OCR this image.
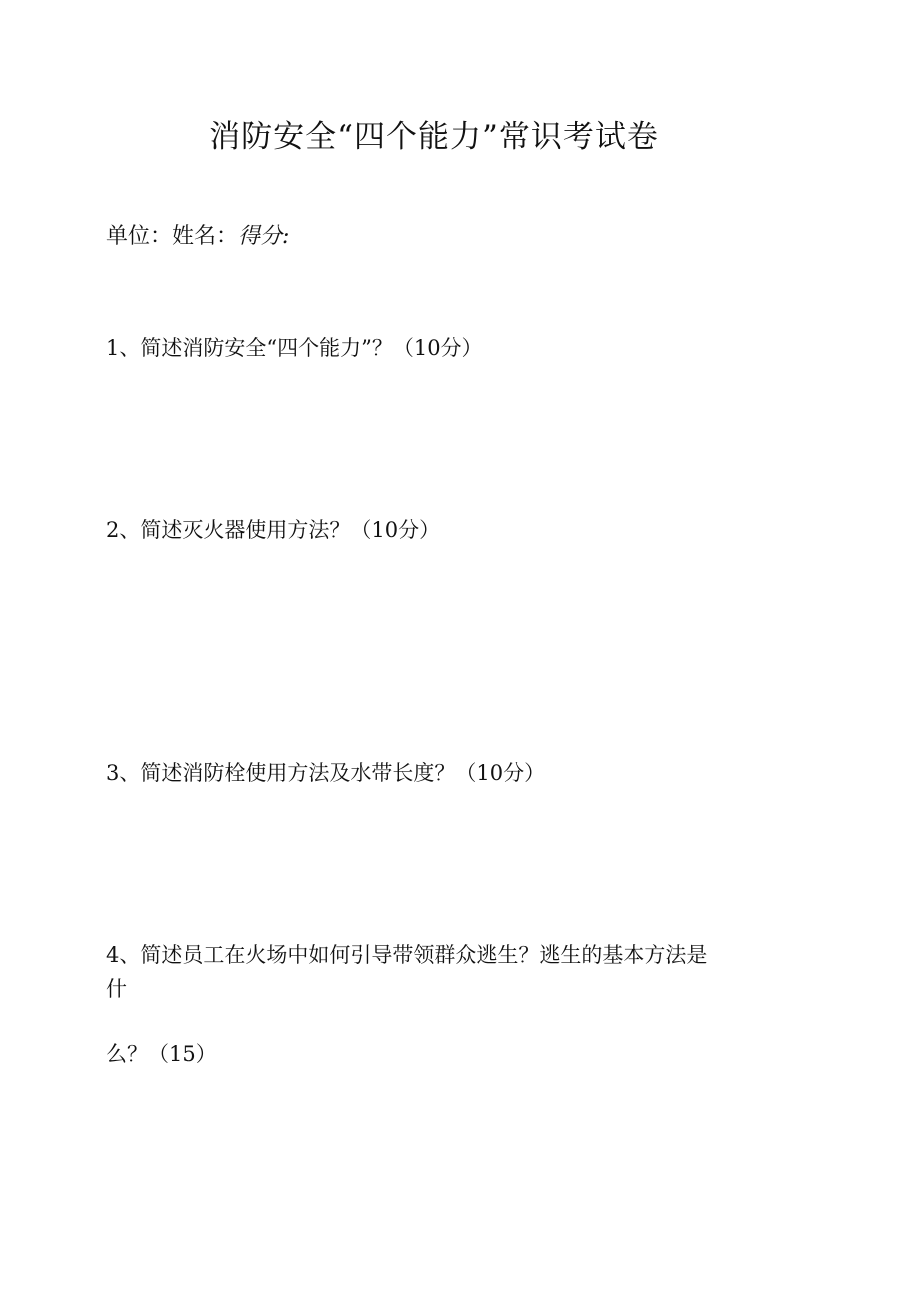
消防安全“四个能力”常识考试卷
单位：姓名：得分:
1、简述消防安全“四个能力”？（10分）
2、简述灭火器使用方法？（10分）
3、简述消防栓使用方法及水带长度？（10分）
4、简述员工在火场中如何引导带领群众逃生？逃生的基本方法是
什
么？（15）
